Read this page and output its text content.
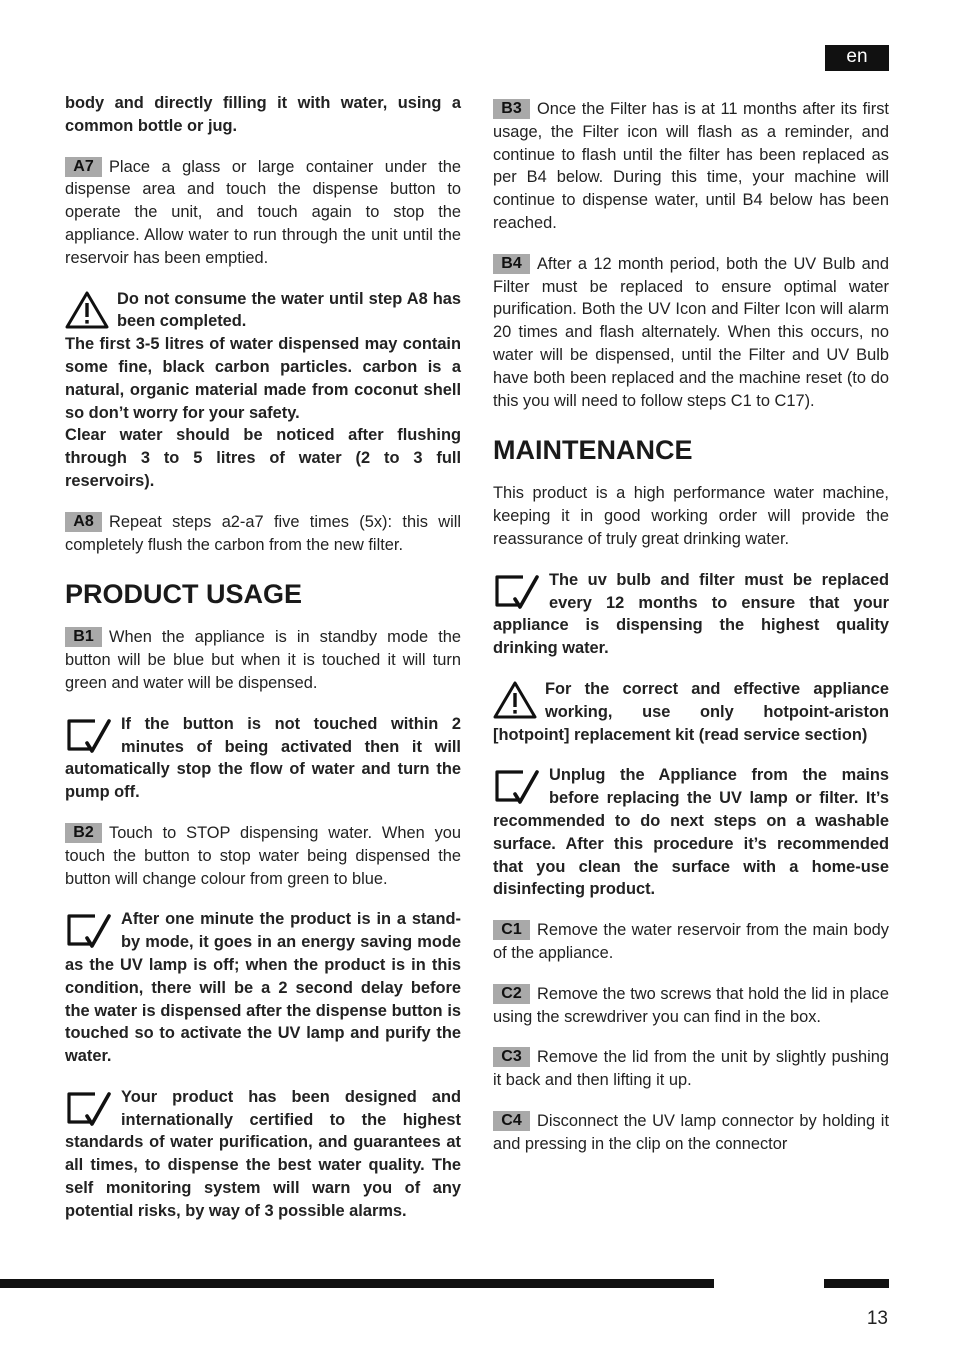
en

body and directly filling it with water, using a common bottle or jug.

A7 Place a glass or large container under the dispense area and touch the dispense button to operate the unit, and touch again to stop the appliance. Allow water to run through the unit until the reservoir has been emptied.

Do not consume the water until step A8 has been completed.

The first 3-5 litres of water dispensed may contain some fine, black carbon particles. carbon is a natural, organic material made from coconut shell so don’t worry for your safety.

Clear water should be noticed after flushing through 3 to 5 litres of water (2 to 3 full reservoirs).

A8 Repeat steps a2-a7 five times (5x): this will completely flush the carbon from the new filter.

PRODUCT USAGE

B1 When the appliance is in standby mode the button will be blue but when it is touched it will turn green and water will be dispensed.

If the button is not touched within 2 minutes of being activated then it will automatically stop the flow of water and turn the pump off.

B2 Touch to STOP dispensing water. When you touch the button to stop water being dispensed the button will change colour from green to blue.

After one minute the product is in a stand-by mode, it goes in an energy saving mode as the UV lamp is off; when the product is in this condition, there will be a 2 second delay before the water is dispensed after the dispense button is touched so to activate the UV lamp and purify the water.

Your product has been designed and internationally certified to the highest standards of water purification, and guarantees at all times, to dispense the best water quality. The self monitoring system will warn you of any potential risks, by way of 3 possible alarms.

B3 Once the Filter has is at 11 months after its first usage, the Filter icon will flash as a reminder, and continue to flash until the filter has been replaced as per B4 below. During this time, your machine will continue to dispense water, until B4 below has been reached.

B4 After a 12 month period, both the UV Bulb and Filter must be replaced to ensure optimal water purification. Both the UV Icon and Filter Icon will alarm 20 times and flash alternately. When this occurs, no water will be dispensed, until the Filter and UV Bulb have both been replaced and the machine reset (to do this you will need to follow steps C1 to C17).

MAINTENANCE

This product is a high performance water machine, keeping it in good working order will provide the reassurance of truly great drinking water.

The uv bulb and filter must be replaced every 12 months to ensure that your appliance is dispensing the highest quality drinking water.

For the correct and effective appliance working, use only hotpoint-ariston [hotpoint] replacement kit (read service section)

Unplug the Appliance from the mains before replacing the UV lamp or filter. It’s recommended to do next steps on a washable surface. After this procedure it’s recommended that you clean the surface with a home-use disinfecting product.

C1 Remove the water reservoir from the main body of the appliance.

C2 Remove the two screws that hold the lid in place using the screwdriver you can find in the box.

C3 Remove the lid from the unit by slightly pushing it back and then lifting it up.

C4 Disconnect the UV lamp connector by holding it and pressing in the clip on the connector

13
